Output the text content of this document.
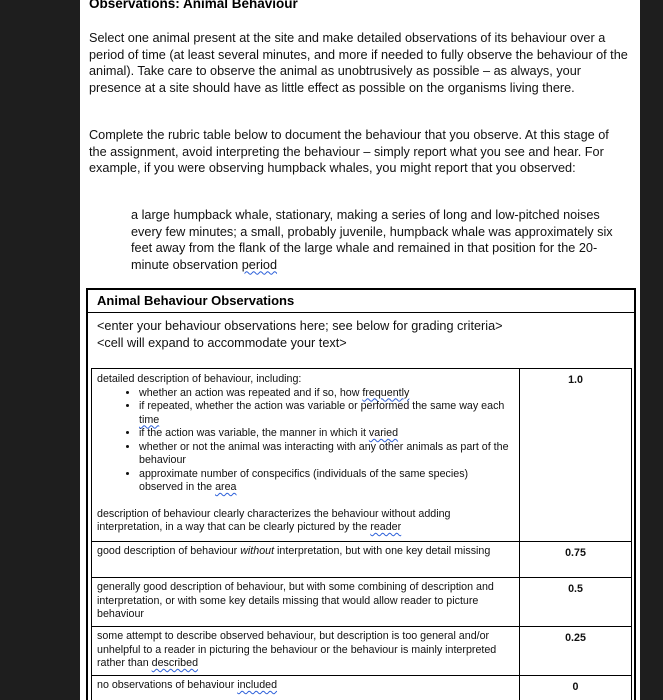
Observations: Animal Behaviour
Select one animal present at the site and make detailed observations of its behaviour over a period of time (at least several minutes, and more if needed to fully observe the behaviour of the animal). Take care to observe the animal as unobtrusively as possible – as always, your presence at a site should have as little effect as possible on the organisms living there.
Complete the rubric table below to document the behaviour that you observe. At this stage of the assignment, avoid interpreting the behaviour – simply report what you see and hear. For example, if you were observing humpback whales, you might report that you observed:
a large humpback whale, stationary, making a series of long and low-pitched noises every few minutes; a small, probably juvenile, humpback whale was approximately six feet away from the flank of the large whale and remained in that position for the 20-minute observation period
Animal Behaviour Observations
<enter your behaviour observations here; see below for grading criteria>
<cell will expand to accommodate your text>
detailed description of behaviour, including:
• whether an action was repeated and if so, how frequently
• if repeated, whether the action was variable or performed the same way each time
• if the action was variable, the manner in which it varied
• whether or not the animal was interacting with any other animals as part of the behaviour
• approximate number of conspecifics (individuals of the same species) observed in the area
description of behaviour clearly characterizes the behaviour without adding interpretation, in a way that can be clearly pictured by the reader
1.0
good description of behaviour without interpretation, but with one key detail missing	0.75
generally good description of behaviour, but with some combining of description and interpretation, or with some key details missing that would allow reader to picture behaviour
0.5
some attempt to describe observed behaviour, but description is too general and/or unhelpful to a reader in picturing the behaviour or the behaviour is mainly interpreted rather than described
0.25
no observations of behaviour included	0
